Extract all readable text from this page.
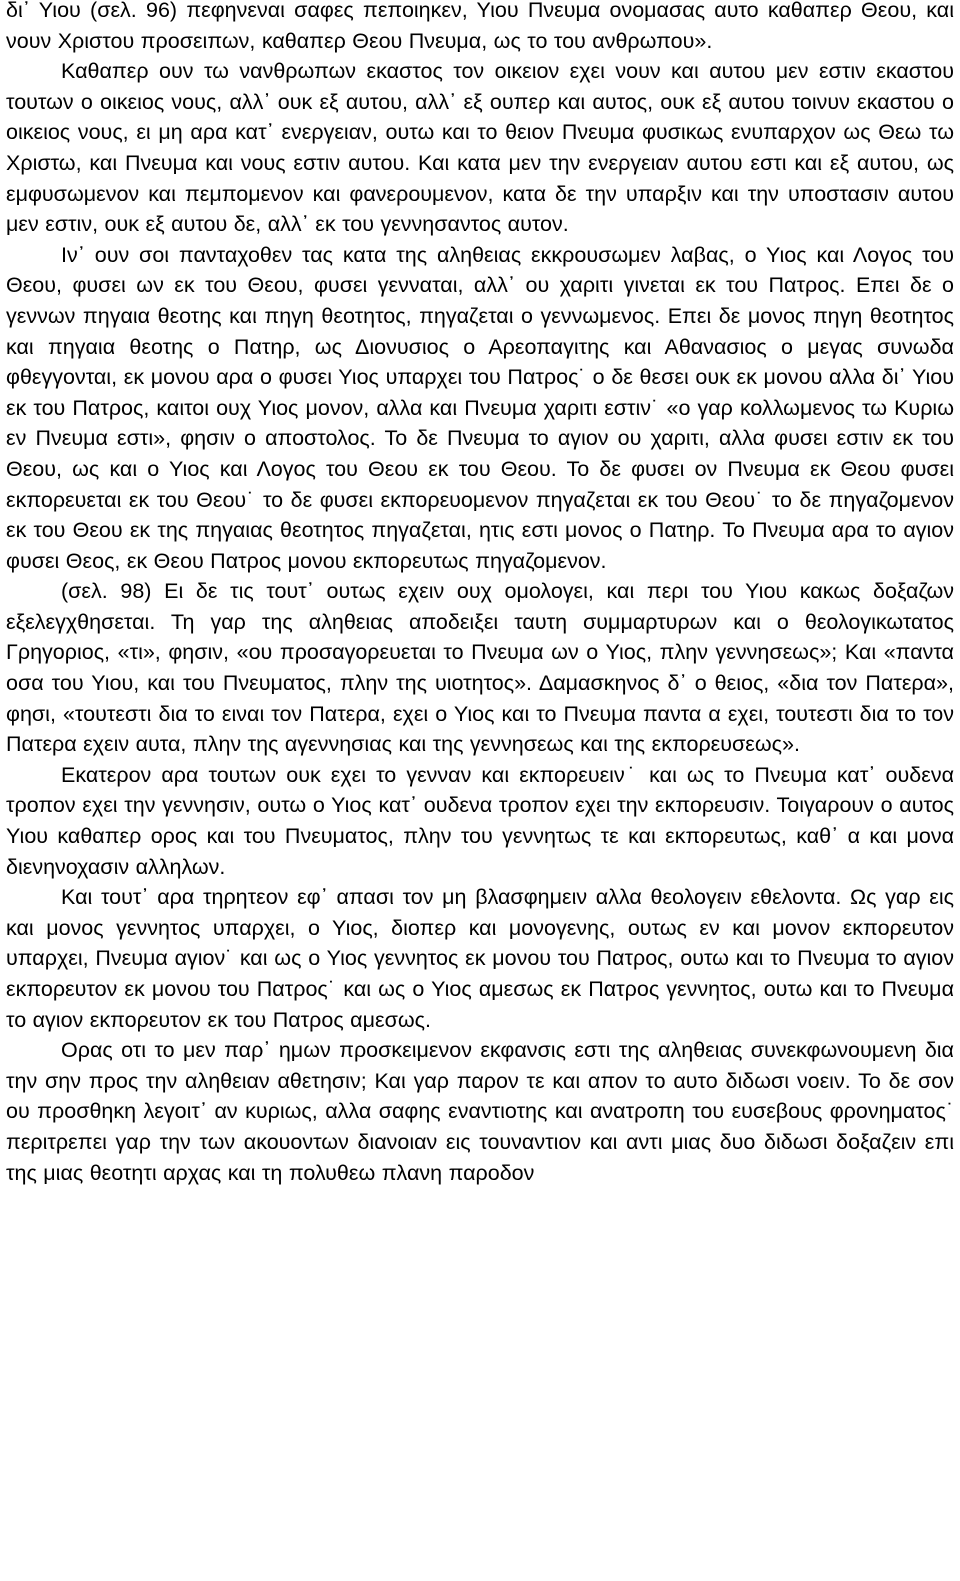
δι᾽ Υιου (σελ. 96) πεφηνεναι σαφες πεποιηκεν, Υιου Πνευμα ονομασας αυτο καθαπερ Θεου, και νουν Χριστου προσειπων, καθαπερ Θεου Πνευμα, ως το του ανθρωπου».

Καθαπερ ουν τω νανθρωπων εκαστος τον οικειον εχει νουν και αυτου μεν εστιν εκαστου τουτων ο οικειος νους, αλλ᾽ ουκ εξ αυτου, αλλ᾽ εξ ουπερ και αυτος, ουκ εξ αυτου τοινυν εκαστου ο οικειος νους, ει μη αρα κατ᾽ ενεργειαν, ουτω και το θειον Πνευμα φυσικως ενυπαρχον ως Θεω τω Χριστω, και Πνευμα και νους εστιν αυτου. Και κατα μεν την ενεργειαν αυτου εστι και εξ αυτου, ως εμφυσωμενον και πεμπομενον και φανερουμενον, κατα δε την υπαρξιν και την υποστασιν αυτου μεν εστιν, ουκ εξ αυτου δε, αλλ᾽ εκ του γεννησαντος αυτον.

Ιν᾽ ουν σοι πανταχοθεν τας κατα της αληθειας εκκρουσωμεν λαβας, ο Υιος και Λογος του Θεου, φυσει ων εκ του Θεου, φυσει γενναται, αλλ᾽ ου χαριτι γινεται εκ του Πατρος. Επει δε ο γεννων πηγαια θεοτης και πηγη θεοτητος, πηγαζεται ο γεννωμενος. Επει δε μονος πηγη θεοτητος και πηγαια θεοτης ο Πατηρ, ως Διονυσιος ο Αρεοπαγιτης και Αθανασιος ο μεγας συνωδα φθεγγονται, εκ μονου αρα ο φυσει Υιος υπαρχει του Πατρος˙ ο δε θεσει ουκ εκ μονου αλλα δι᾽ Υιου εκ του Πατρος, καιτοι ουχ Υιος μονον, αλλα και Πνευμα χαριτι εστιν˙ «ο γαρ κολλωμενος τω Κυριω εν Πνευμα εστι», φησιν ο αποστολος. Το δε Πνευμα το αγιον ου χαριτι, αλλα φυσει εστιν εκ του Θεου, ως και ο Υιος και Λογος του Θεου εκ του Θεου. Το δε φυσει ον Πνευμα εκ Θεου φυσει εκπορευεται εκ του Θεου˙ το δε φυσει εκπορευομενον πηγαζεται εκ του Θεου˙ το δε πηγαζομενον εκ του Θεου εκ της πηγαιας θεοτητος πηγαζεται, ητις εστι μονος ο Πατηρ. Το Πνευμα αρα το αγιον φυσει Θεος, εκ Θεου Πατρος μονου εκπορευτως πηγαζομενον.

(σελ. 98) Ει δε τις τουτ᾽ ουτως εχειν ουχ ομολογει, και περι του Υιου κακως δοξαζων εξελεγχθησεται. Τη γαρ της αληθειας αποδειξει ταυτη συμμαρτυρων και ο θεολογικωτατος Γρηγοριος, «τι», φησιν, «ου προσαγορευεται το Πνευμα ων ο Υιος, πλην γεννησεως»; Και «παντα οσα του Υιου, και του Πνευματος, πλην της υιοτητος». Δαμασκηνος δ᾽ ο θειος, «δια τον Πατερα», φησι, «τουτεστι δια το ειναι τον Πατερα, εχει ο Υιος και το Πνευμα παντα α εχει, τουτεστι δια το τον Πατερα εχειν αυτα, πλην της αγεννησιας και της γεννησεως και της εκπορευσεως».

Εκατερον αρα τουτων ουκ εχει το γενναν και εκπορευειν˙ και ως το Πνευμα κατ᾽ ουδενα τροπον εχει την γεννησιν, ουτω ο Υιος κατ᾽ ουδενα τροπον εχει την εκπορευσιν. Τοιγαρουν ο αυτος Υιου καθαπερ ορος και του Πνευματος, πλην του γεννητως τε και εκπορευτως, καθ᾽ α και μονα διενηνοχασιν αλληλων.

Και τουτ᾽ αρα τηρητεον εφ᾽ απασι τον μη βλασφημειν αλλα θεολογειν εθελοντα. Ως γαρ εις και μονος γεννητος υπαρχει, ο Υιος, διοπερ και μονογενης, ουτως εν και μονον εκπορευτον υπαρχει, Πνευμα αγιον˙ και ως ο Υιος γεννητος εκ μονου του Πατρος, ουτω και το Πνευμα το αγιον εκπορευτον εκ μονου του Πατρος˙ και ως ο Υιος αμεσως εκ Πατρος γεννητος, ουτω και το Πνευμα το αγιον εκπορευτον εκ του Πατρος αμεσως.

Ορας οτι το μεν παρ᾽ ημων προσκειμενον εκφανσις εστι της αληθειας συνεκφωνουμενη δια την σην προς την αληθειαν αθετησιν; Και γαρ παρον τε και απον το αυτο διδωσι νοειν. Το δε σον ου προσθηκη λεγοιτ᾽ αν κυριως, αλλα σαφης εναντιοτης και ανατροπη του ευσεβους φρονηματος˙ περιτρεπει γαρ την των ακουοντων διανοιαν εις τουναντιον και αντι μιας δυο διδωσι δοξαζειν επι της μιας θεοτητι αρχας και τη πολυθεω πλανη παροδον
